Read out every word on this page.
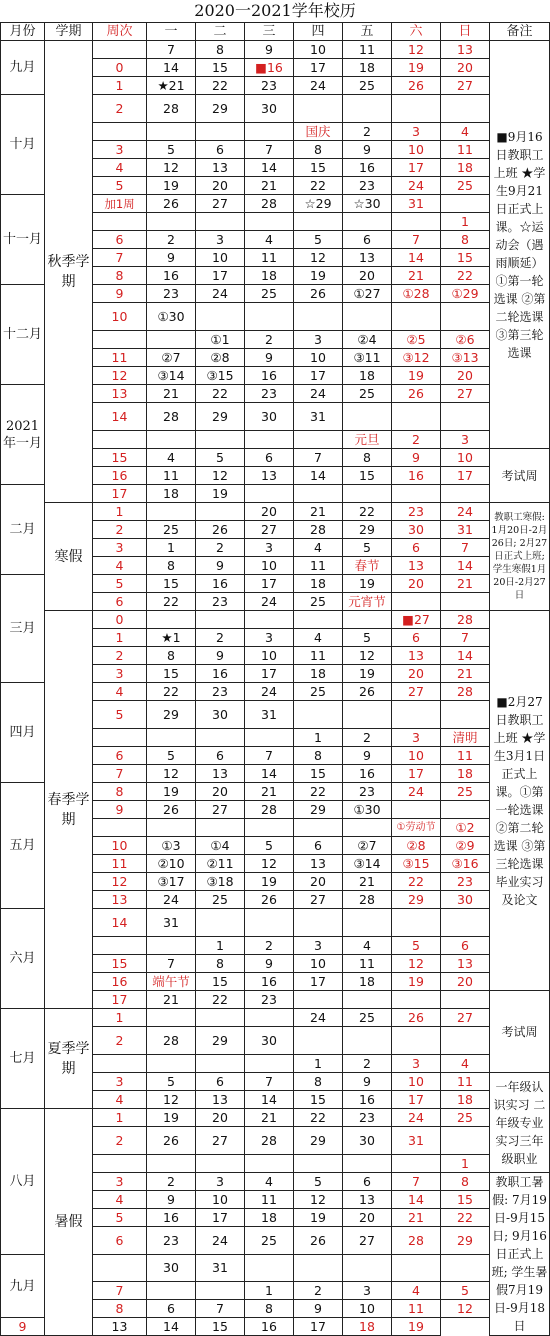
2020一2021学年校历
月份	学期	周次	一	二	三	四	五	六	日	备注
九月	秋季学期		7	8	9	10	11	12	13	■9月16日教职工上班 ★学生9月21日正式上课。☆运动会（遇雨顺延） ①第一轮选课 ②第二轮选课 ③第三轮选课
		0	14	15	■16	17	18	19	20	
		1	★21	22	23	24	25	26	27	
十月		2	28	29	30					
						国庆	2	3	4	
		3	5	6	7	8	9	10	11	
		4	12	13	14	15	16	17	18	
		5	19	20	21	22	23	24	25	
十一月		加1周	26	27	28	☆29	☆30	31		
									1	
		6	2	3	4	5	6	7	8	
		7	9	10	11	12	13	14	15	
		8	16	17	18	19	20	21	22	
十二月		9	23	24	25	26	①27	①28	①29	
		10	①30							
				①1	2	3	②4	②5	②6	
		11	②7	②8	9	10	③11	③12	③13	
		12	③14	③15	16	17	18	19	20	
2021年一月		13	21	22	23	24	25	26	27	
		14	28	29	30	31				
							元旦	2	3	
		15	4	5	6	7	8	9	10	考试周
		16	11	12	13	14	15	16	17	
二月		17	18	19						
	寒假	1			20	21	22	23	24	教职工寒假: 1月20日-2月26日; 2月27日正式上班; 学生寒假1月20日-2月27日
		2	25	26	27	28	29	30	31	
		3	1	2	3	4	5	6	7	
		4	8	9	10	11	春节	13	14	
三月		5	15	16	17	18	19	20	21	
		6	22	23	24	25	元宵节			
	春季学期	0						■27	28	■2月27日教职工上班 ★学生3月1日正式上课。①第一轮选课 ②第二轮选课 ③第三轮选课毕业实习及论文
		1	★1	2	3	4	5	6	7	
		2	8	9	10	11	12	13	14	
		3	15	16	17	18	19	20	21	
四月		4	22	23	24	25	26	27	28	
		5	29	30	31					
						1	2	3	清明	
		6	5	6	7	8	9	10	11	
		7	12	13	14	15	16	17	18	
五月		8	19	20	21	22	23	24	25	
		9	26	27	28	29	①30			
								①劳动节	①2	
		10	①3	①4	5	6	②7	②8	②9	
		11	②10	②11	12	13	③14	③15	③16	
		12	③17	③18	19	20	21	22	23	
		13	24	25	26	27	28	29	30	
六月		14	31							
				1	2	3	4	5	6	
		15	7	8	9	10	11	12	13	
		16	端午节	15	16	17	18	19	20	
		17	21	22	23					考试周
七月	夏季学期	1				24	25	26	27	
		2	28	29	30					
						1	2	3	4	
		3	5	6	7	8	9	10	11	一年级认识实习 二年级专业实习三年级职业
		4	12	13	14	15	16	17	18	
八月	暑假	1	19	20	21	22	23	24	25	
		2	26	27	28	29	30	31		
									1	
		3	2	3	4	5	6	7	8	教职工暑假: 7月19日-9月15日; 9月16日正式上班; 学生暑假7月19日-9月18日
		4	9	10	11	12	13	14	15	
		5	16	17	18	19	20	21	22	
		6	23	24	25	26	27	28	29	
九月			30	31						
		7			1	2	3	4	5	
		8	6	7	8	9	10	11	12	
9		13	14	15	16	17	18	19		
